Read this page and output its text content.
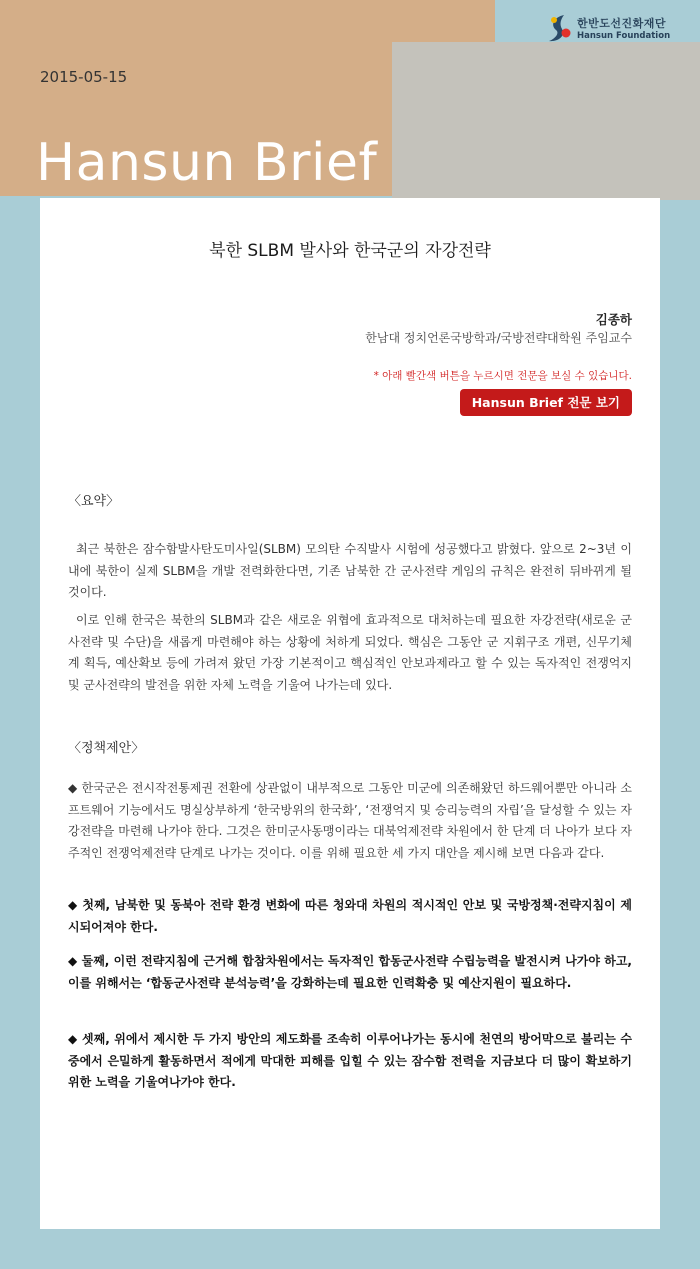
한반도선진화재단
Hansun Foundation
2015-05-15
Hansun Brief
북한 SLBM 발사와 한국군의 자강전략
김종하
한남대 정치언론국방학과/국방전략대학원 주임교수
* 아래 빨간색 버튼을 누르시면 전문을 보실 수 있습니다.
Hansun Brief 전문 보기
〈요약〉
최근 북한은 잠수함발사탄도미사일(SLBM) 모의탄 수직발사 시험에 성공했다고 밝혔다. 앞으로 2~3년 이내에 북한이 실제 SLBM을 개발 전력화한다면, 기존 남북한 간 군사전략 게임의 규칙은 완전히 뒤바뀌게 될 것이다.
이로 인해 한국은 북한의 SLBM과 같은 새로운 위협에 효과적으로 대처하는데 필요한 자강전략(새로운 군사전략 및 수단)을 새롭게 마련해야 하는 상황에 처하게 되었다. 핵심은 그동안 군 지휘구조 개편, 신무기체계 획득, 예산확보 등에 가려져 왔던 가장 기본적이고 핵심적인 안보과제라고 할 수 있는 독자적인 전쟁억지 및 군사전략의 발전을 위한 자체 노력을 기울여 나가는데 있다.
〈정책제안〉
◆ 한국군은 전시작전통제권 전환에 상관없이 내부적으로 그동안 미군에 의존해왔던 하드웨어뿐만 아니라 소프트웨어 기능에서도 명실상부하게 ‘한국방위의 한국화’, ‘전쟁억지 및 승리능력의 자립’을 달성할 수 있는 자강전략을 마련해 나가야 한다. 그것은 한미군사동맹이라는 대북억제전략 차원에서 한 단계 더 나아가 보다 자주적인 전쟁억제전략 단계로 나가는 것이다. 이를 위해 필요한 세 가지 대안을 제시해 보면 다음과 같다.
◆ 첫째, 남북한 및 동북아 전략 환경 변화에 따른 청와대 차원의 적시적인 안보 및 국방정책·전략지침이 제시되어져야 한다.
◆ 둘째, 이런 전략지침에 근거해 합참차원에서는 독자적인 합동군사전략 수립능력을 발전시켜 나가야 하고, 이를 위해서는 ‘합동군사전략 분석능력’을 강화하는데 필요한 인력확충 및 예산지원이 필요하다.
◆ 셋째, 위에서 제시한 두 가지 방안의 제도화를 조속히 이루어나가는 동시에 천연의 방어막으로 불리는 수중에서 은밀하게 활동하면서 적에게 막대한 피해를 입힐 수 있는 잠수함 전력을 지금보다 더 많이 확보하기 위한 노력을 기울여나가야 한다.
